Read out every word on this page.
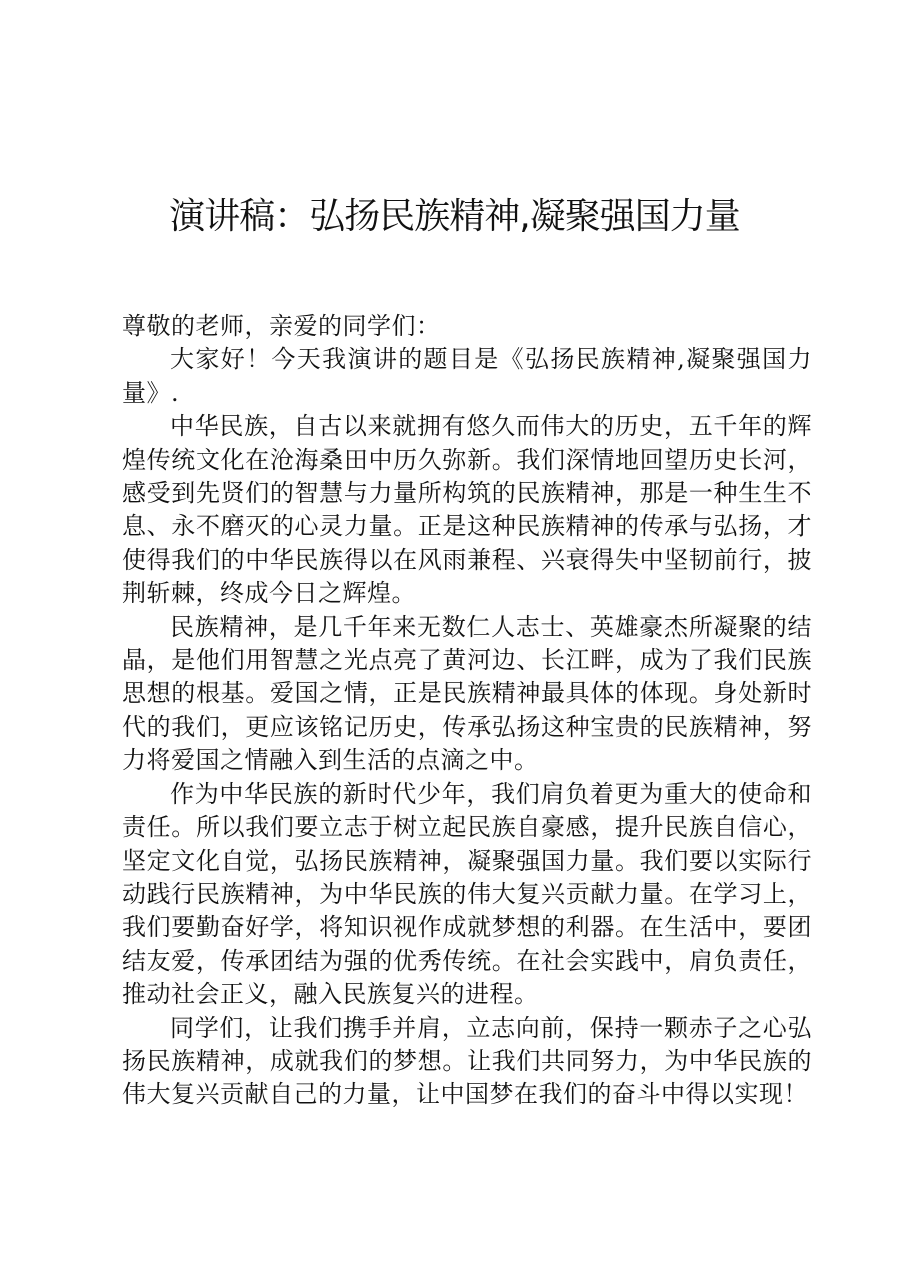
演讲稿：弘扬民族精神,凝聚强国力量

尊敬的老师，亲爱的同学们：

大家好！今天我演讲的题目是《弘扬民族精神,凝聚强国力量》.

中华民族，自古以来就拥有悠久而伟大的历史，五千年的辉煌传统文化在沧海桑田中历久弥新。我们深情地回望历史长河，感受到先贤们的智慧与力量所构筑的民族精神，那是一种生生不息、永不磨灭的心灵力量。正是这种民族精神的传承与弘扬，才使得我们的中华民族得以在风雨兼程、兴衰得失中坚韧前行，披荆斩棘，终成今日之辉煌。

民族精神，是几千年来无数仁人志士、英雄豪杰所凝聚的结晶，是他们用智慧之光点亮了黄河边、长江畔，成为了我们民族思想的根基。爱国之情，正是民族精神最具体的体现。身处新时代的我们，更应该铭记历史，传承弘扬这种宝贵的民族精神，努力将爱国之情融入到生活的点滴之中。

作为中华民族的新时代少年，我们肩负着更为重大的使命和责任。所以我们要立志于树立起民族自豪感，提升民族自信心，坚定文化自觉，弘扬民族精神，凝聚强国力量。我们要以实际行动践行民族精神，为中华民族的伟大复兴贡献力量。在学习上，我们要勤奋好学，将知识视作成就梦想的利器。在生活中，要团结友爱，传承团结为强的优秀传统。在社会实践中，肩负责任，推动社会正义，融入民族复兴的进程。

同学们，让我们携手并肩，立志向前，保持一颗赤子之心弘扬民族精神，成就我们的梦想。让我们共同努力，为中华民族的伟大复兴贡献自己的力量，让中国梦在我们的奋斗中得以实现！
